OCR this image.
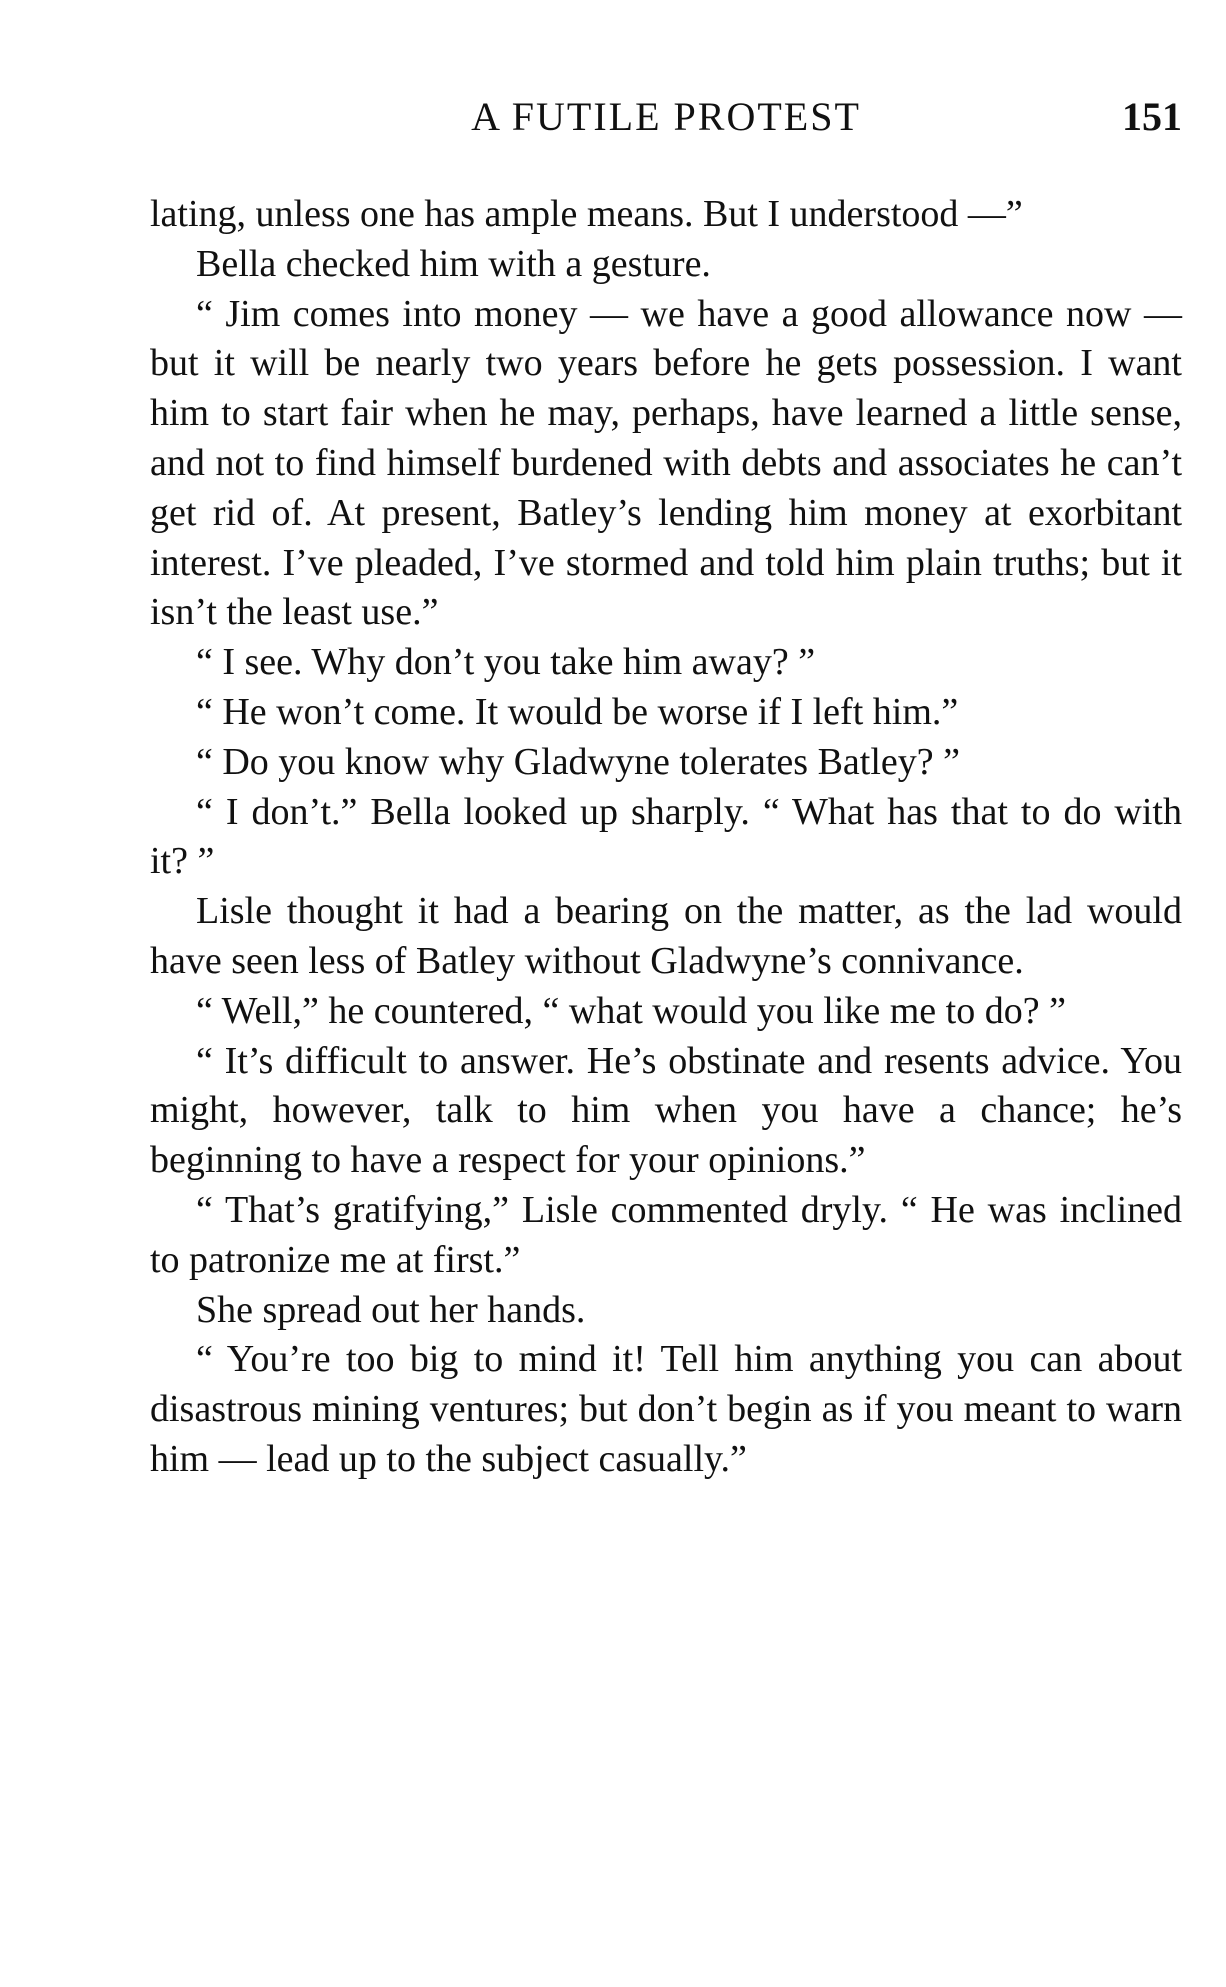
A FUTILE PROTEST	151

lating, unless one has ample means. But I understood —”

Bella checked him with a gesture.

“ Jim comes into money — we have a good allowance now — but it will be nearly two years before he gets possession. I want him to start fair when he may, perhaps, have learned a little sense, and not to find himself burdened with debts and associates he can’t get rid of. At present, Batley’s lending him money at exorbitant interest. I’ve pleaded, I’ve stormed and told him plain truths; but it isn’t the least use.”

“ I see. Why don’t you take him away? ”

“ He won’t come. It would be worse if I left him.”

“ Do you know why Gladwyne tolerates Batley? ”

“ I don’t.” Bella looked up sharply. “ What has that to do with it? ”

Lisle thought it had a bearing on the matter, as the lad would have seen less of Batley without Gladwyne’s connivance.

“ Well,” he countered, “ what would you like me to do? ”

“ It’s difficult to answer. He’s obstinate and resents advice. You might, however, talk to him when you have a chance; he’s beginning to have a respect for your opinions.”

“ That’s gratifying,” Lisle commented dryly. “ He was inclined to patronize me at first.”

She spread out her hands.

“ You’re too big to mind it! Tell him anything you can about disastrous mining ventures; but don’t begin as if you meant to warn him — lead up to the subject casually.”
